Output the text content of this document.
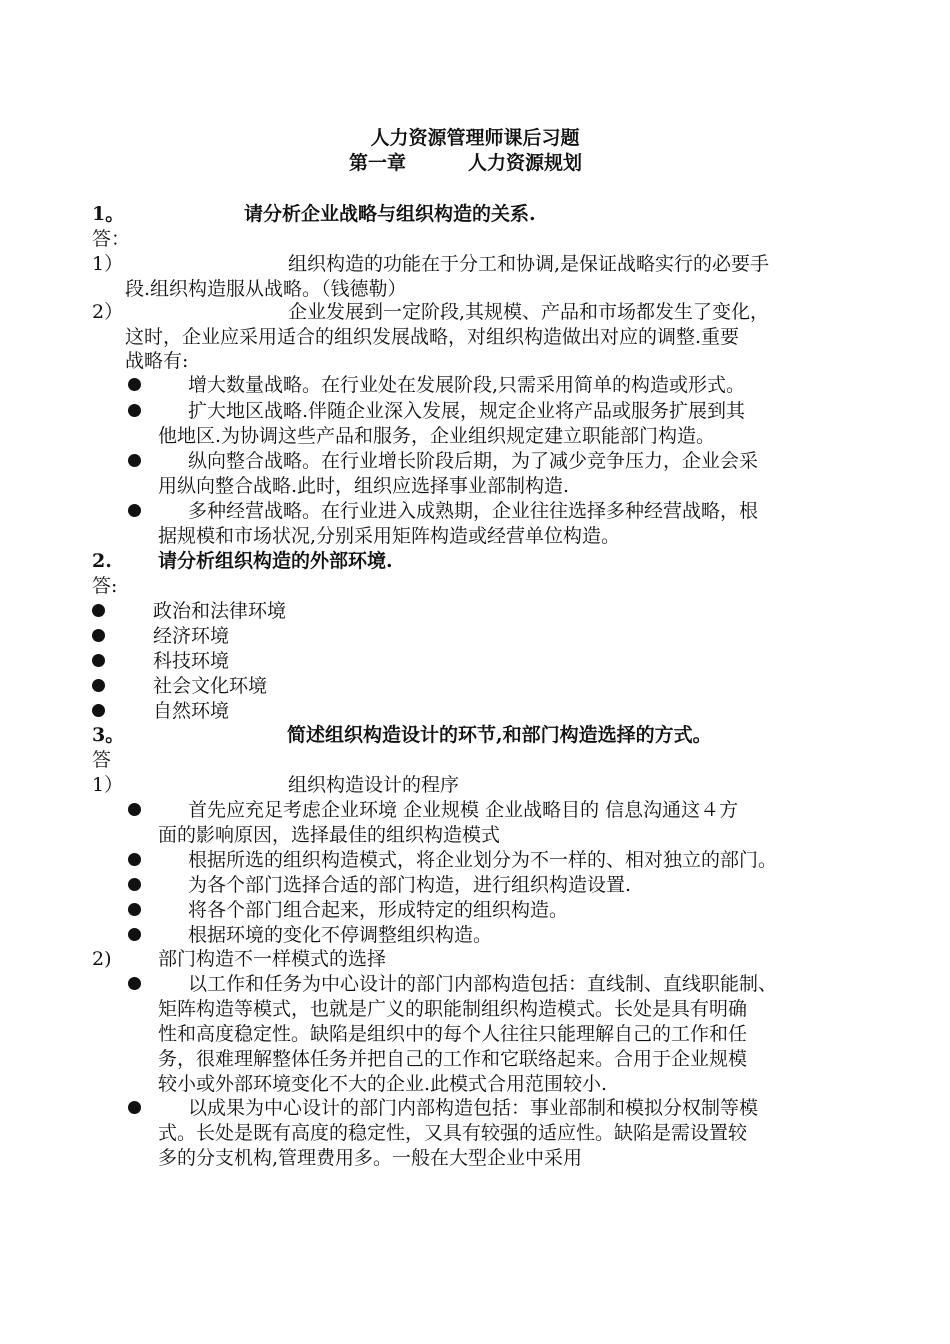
人力资源管理师课后习题
第一章	人力资源规划
1。	请分析企业战略与组织构造的关系.
答：
1）	组织构造的功能在于分工和协调,是保证战略实行的必要手
段.组织构造服从战略。（钱德勒）
2）	企业发展到一定阶段,其规模、产品和市场都发生了变化，
这时，企业应采用适合的组织发展战略，对组织构造做出对应的调整.重要
战略有:
增大数量战略。在行业处在发展阶段,只需采用简单的构造或形式。
扩大地区战略.伴随企业深入发展，规定企业将产品或服务扩展到其
他地区.为协调这些产品和服务，企业组织规定建立职能部门构造。
纵向整合战略。在行业增长阶段后期，为了减少竞争压力，企业会采
用纵向整合战略.此时，组织应选择事业部制构造.
多种经营战略。在行业进入成熟期，企业往往选择多种经营战略，根
据规模和市场状况,分别采用矩阵构造或经营单位构造。
2. 请分析组织构造的外部环境.
答:
政治和法律环境
经济环境
科技环境
社会文化环境
自然环境
3。	简述组织构造设计的环节,和部门构造选择的方式。
答
1）	组织构造设计的程序
首先应充足考虑企业环境 企业规模 企业战略目的 信息沟通这４方
面的影响原因，选择最佳的组织构造模式
根据所选的组织构造模式，将企业划分为不一样的、相对独立的部门。
为各个部门选择合适的部门构造，进行组织构造设置.
将各个部门组合起来，形成特定的组织构造。
根据环境的变化不停调整组织构造。
2) 部门构造不一样模式的选择
以工作和任务为中心设计的部门内部构造包括：直线制、直线职能制、
矩阵构造等模式，也就是广义的职能制组织构造模式。长处是具有明确
性和高度稳定性。缺陷是组织中的每个人往往只能理解自己的工作和任
务，很难理解整体任务并把自己的工作和它联络起来。合用于企业规模
较小或外部环境变化不大的企业.此模式合用范围较小.
以成果为中心设计的部门内部构造包括：事业部制和模拟分权制等模
式。长处是既有高度的稳定性，又具有较强的适应性。缺陷是需设置较
多的分支机构,管理费用多。一般在大型企业中采用
